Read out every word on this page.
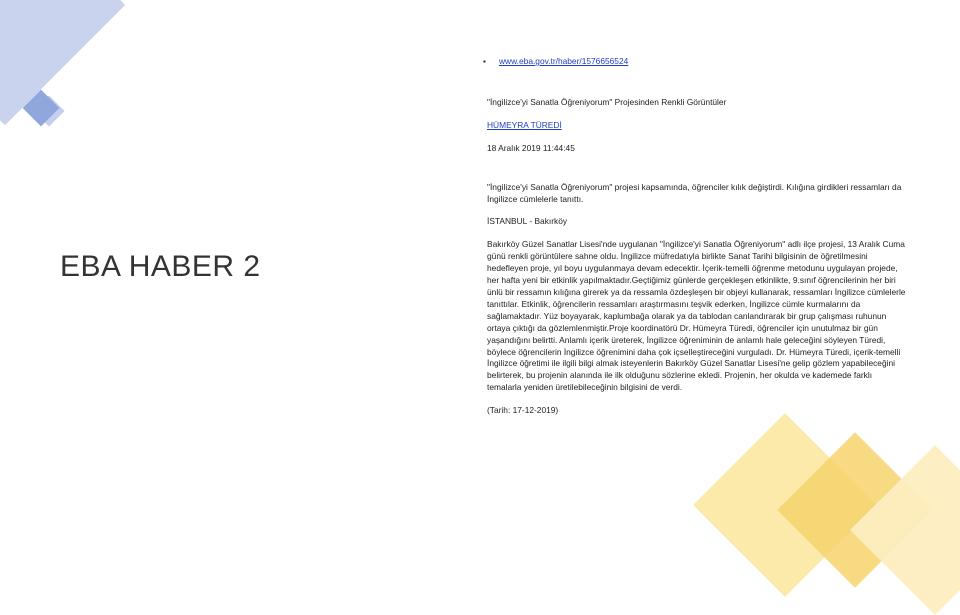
EBA HABER 2
▪	www.eba.gov.tr/haber/1576656524

"İngilizce'yi Sanatla Öğreniyorum" Projesinden Renkli Görüntüler

HÜMEYRA TÜREDİ

18 Aralık 2019 11:44:45

"İngilizce'yi Sanatla Öğreniyorum" projesi kapsamında, öğrenciler kılık değiştirdi. Kılığına girdikleri ressamları da İngilizce cümlelerle tanıttı.

İSTANBUL - Bakırköy

Bakırköy Güzel Sanatlar Lisesi'nde uygulanan "İngilizce'yi Sanatla Öğreniyorum" adlı ilçe projesi, 13 Aralık Cuma günü renkli görüntülere sahne oldu. İngilizce müfredatıyla birlikte Sanat Tarihi bilgisinin de öğretilmesini hedefleyen proje, yıl boyu uygulanmaya devam edecektir. İçerik-temelli öğrenme metodunu uygulayan projede, her hafta yeni bir etkinlik yapılmaktadır.Geçtiğimiz günlerde gerçekleşen etkinlikte, 9.sınıf öğrencilerinin her biri ünlü bir ressamın kılığına girerek ya da ressamla özdeşleşen bir objeyi kullanarak, ressamları İngilizce cümlelerle tanıttılar. Etkinlik, öğrencilerin ressamları araştırmasını teşvik ederken, İngilizce cümle kurmalarını da sağlamaktadır. Yüz boyayarak, kaplumbağa olarak ya da tablodan canlandırarak bir grup çalışması ruhunun ortaya çıktığı da gözlemlenmiştir.Proje koordinatörü Dr. Hümeyra Türedi, öğrenciler için unutulmaz bir gün yaşandığını belirtti. Anlamlı içerik üreterek, İngilizce öğreniminin de anlamlı hale geleceğini söyleyen Türedi, böylece öğrencilerin İngilizce öğrenimini daha çok içselleştireceğini vurguladı. Dr. Hümeyra Türedi, içerik-temelli İngilizce öğretimi ile ilgili bilgi almak isteyenlerin Bakırköy Güzel Sanatlar Lisesi'ne gelip gözlem yapabileceğini belirterek, bu projenin alanında ile ilk olduğunu sözlerine ekledi. Projenin, her okulda ve kademede farklı temalarla yeniden üretilebileceğinin bilgisini de verdi.

(Tarih: 17-12-2019)
